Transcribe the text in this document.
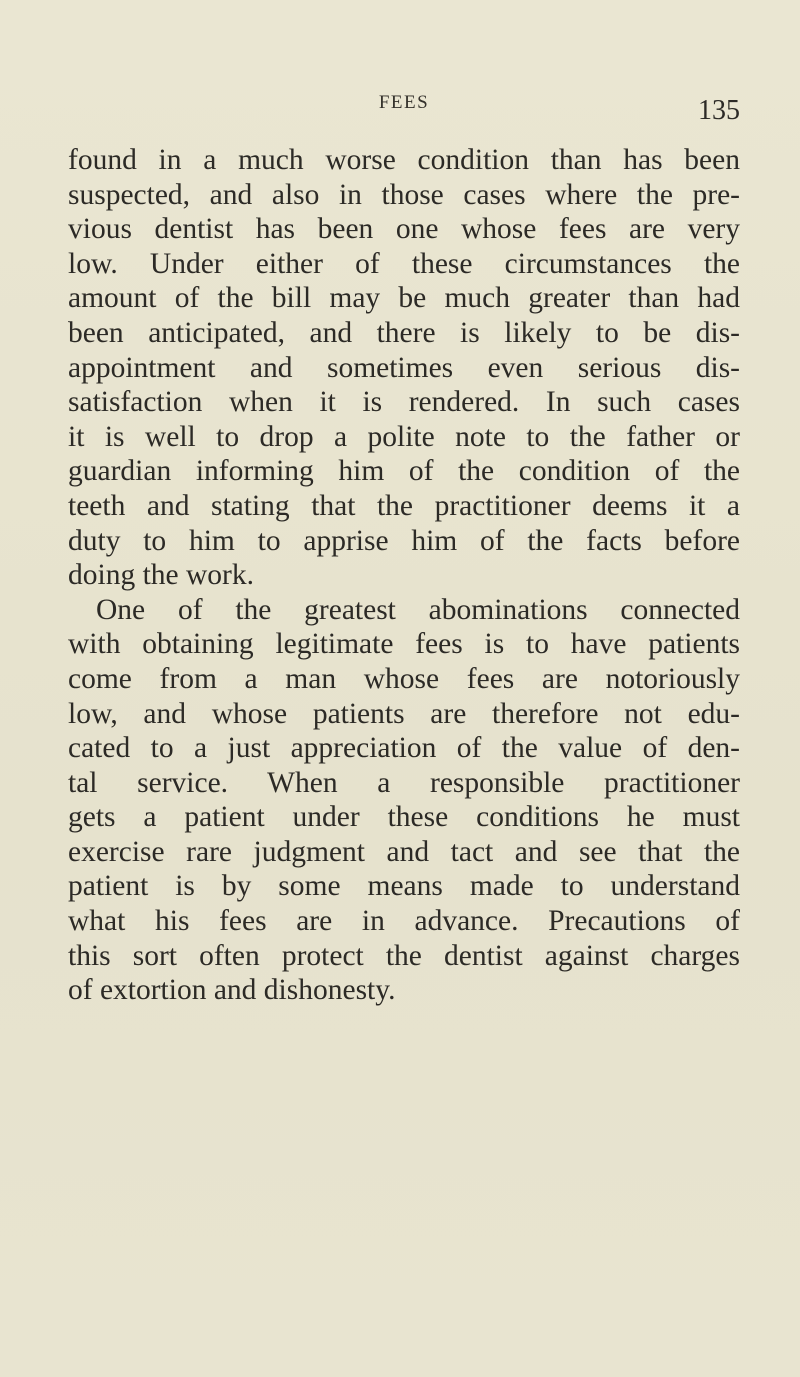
FEES	135
found in a much worse condition than has been
suspected, and also in those cases where the pre-
vious dentist has been one whose fees are very
low. Under either of these circumstances the
amount of the bill may be much greater than had
been anticipated, and there is likely to be dis-
appointment and sometimes even serious dis-
satisfaction when it is rendered. In such cases
it is well to drop a polite note to the father or
guardian informing him of the condition of the
teeth and stating that the practitioner deems it a
duty to him to apprise him of the facts before
doing the work.
One of the greatest abominations connected
with obtaining legitimate fees is to have patients
come from a man whose fees are notoriously
low, and whose patients are therefore not edu-
cated to a just appreciation of the value of den-
tal service. When a responsible practitioner
gets a patient under these conditions he must
exercise rare judgment and tact and see that the
patient is by some means made to understand
what his fees are in advance. Precautions of
this sort often protect the dentist against charges
of extortion and dishonesty.
